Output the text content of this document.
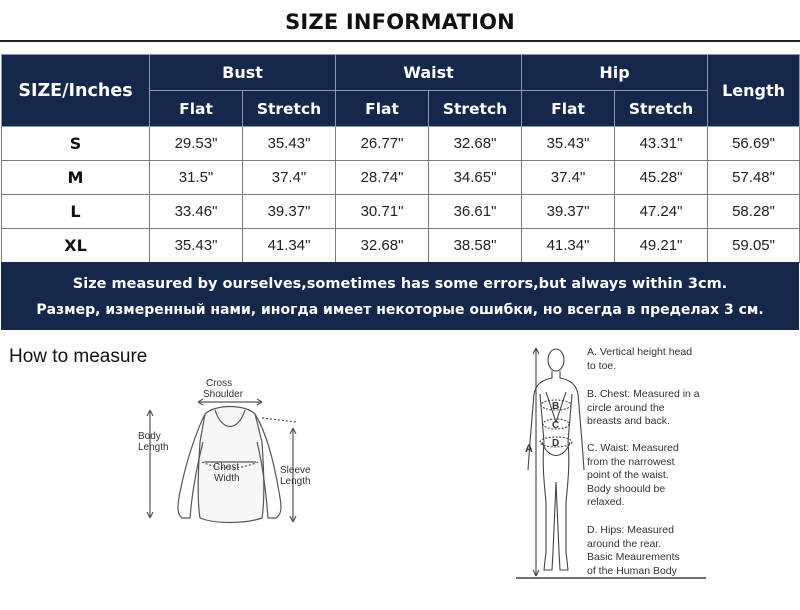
SIZE INFORMATION
SIZE/Inches	Bust		Waist		Hip		Length
	Flat	Stretch	Flat	Stretch	Flat	Stretch	
S	29.53"	35.43"	26.77"	32.68"	35.43"	43.31"	56.69"
M	31.5"	37.4"	28.74"	34.65"	37.4"	45.28"	57.48"
L	33.46"	39.37"	30.71"	36.61"	39.37"	47.24"	58.28"
XL	35.43"	41.34"	32.68"	38.58"	41.34"	49.21"	59.05"
Size measured by ourselves,sometimes has some errors,but always within 3cm.
Размер, измеренный нами, иногда имеет некоторые ошибки, но всегда в пределах 3 см.
How to measure
Cross
Shoulder
Body
Length
Chest
Width
Sleeve
Length
A
B
C
D
A. Vertical height head
to toe.
B. Chest: Measured in a
circle around the
breasts and back.
C. Waist: Measured
from the narrowest
point of the waist.
Body shoould be
relaxed.
D. Hips: Measured
around the rear.
Basic Meaurements
of the Human Body
